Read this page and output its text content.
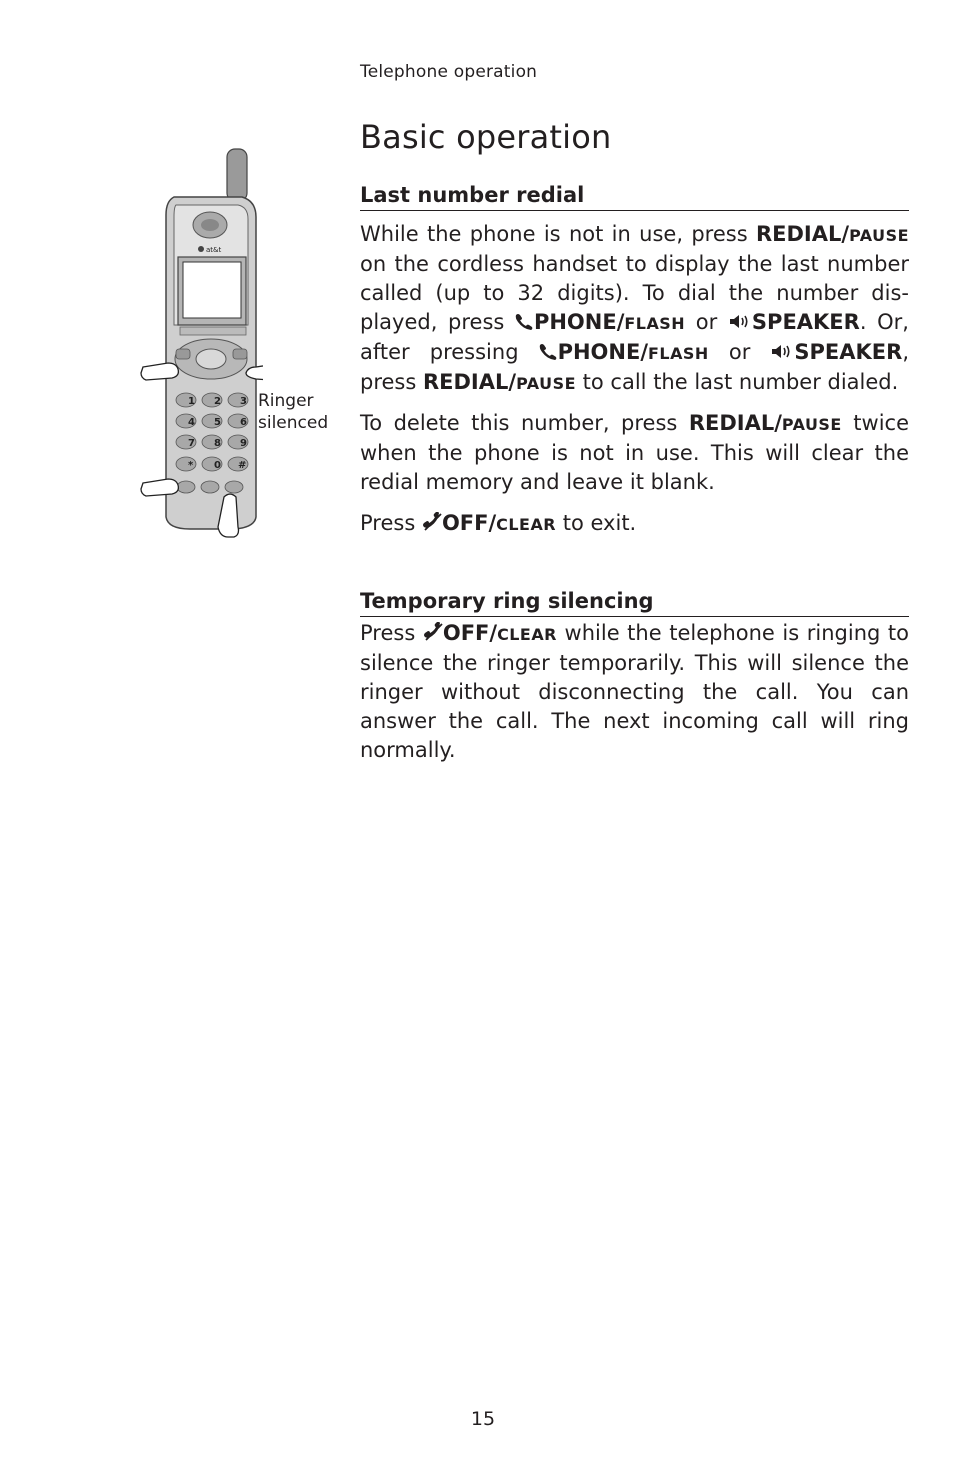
Telephone operation
Basic operation
at&t
1 2 3
4 5 6
7 8 9
* 0 #
Ringer
silenced
Last number redial

While the phone is not in use, press REDIAL/PAUSE on the cordless handset to display the last number called (up to 32 digits). To dial the number dis-played, press
PHONE/FLASH or
SPEAKER. Or, after pressing
PHONE/FLASH or
SPEAKER, press REDIAL/PAUSE to call the last number dialed.

To delete this number, press REDIAL/PAUSE twice when the phone is not in use. This will clear the redial memory and leave it blank.

Press
OFF/CLEAR to exit.

Temporary ring silencing

Press
OFF/CLEAR while the telephone is ringing to silence the ringer temporarily. This will silence the ringer without disconnecting the call. You can answer the call. The next incoming call will ring normally.

15
